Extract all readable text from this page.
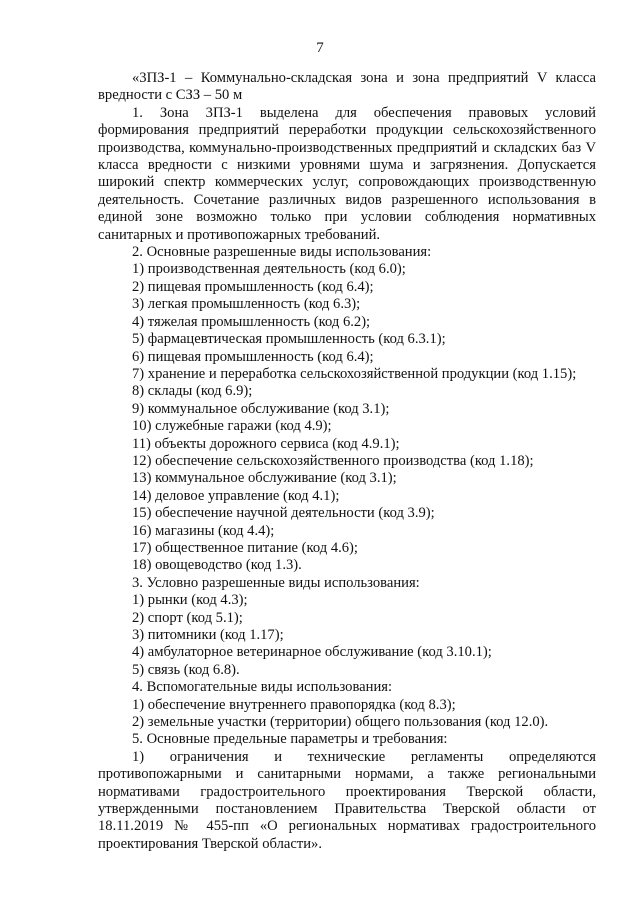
7

«3ПЗ-1 – Коммунально-складская зона и зона предприятий V класса вредности с СЗЗ – 50 м

1. Зона 3ПЗ-1 выделена для обеспечения правовых условий формирования предприятий переработки продукции сельскохозяйственного производства, коммунально-производственных предприятий и складских баз V класса вредности с низкими уровнями шума и загрязнения. Допускается широкий спектр коммерческих услуг, сопровождающих производственную деятельность. Сочетание различных видов разрешенного использования в единой зоне возможно только при условии соблюдения нормативных санитарных и противопожарных требований.

2. Основные разрешенные виды использования:

1) производственная деятельность (код 6.0);

2) пищевая промышленность (код 6.4);

3) легкая промышленность (код 6.3);

4) тяжелая промышленность (код 6.2);

5) фармацевтическая промышленность (код 6.3.1);

6) пищевая промышленность (код 6.4);

7) хранение и переработка сельскохозяйственной продукции (код 1.15);

8) склады (код 6.9);

9) коммунальное обслуживание (код 3.1);

10) служебные гаражи (код 4.9);

11) объекты дорожного сервиса (код 4.9.1);

12) обеспечение сельскохозяйственного производства (код 1.18);

13) коммунальное обслуживание (код 3.1);

14) деловое управление (код 4.1);

15) обеспечение научной деятельности (код 3.9);

16) магазины (код 4.4);

17) общественное питание (код 4.6);

18) овощеводство (код 1.3).

3. Условно разрешенные виды использования:

1) рынки (код 4.3);

2) спорт (код 5.1);

3) питомники (код 1.17);

4) амбулаторное ветеринарное обслуживание (код 3.10.1);

5) связь (код 6.8).

4. Вспомогательные виды использования:

1) обеспечение внутреннего правопорядка (код 8.3);

2) земельные участки (территории) общего пользования (код 12.0).

5. Основные предельные параметры и требования:

1) ограничения и технические регламенты определяются противопожарными и санитарными нормами, а также региональными нормативами градостроительного проектирования Тверской области, утвержденными постановлением Правительства Тверской области от 18.11.2019 № 455-пп «О региональных нормативах градостроительного проектирования Тверской области».
